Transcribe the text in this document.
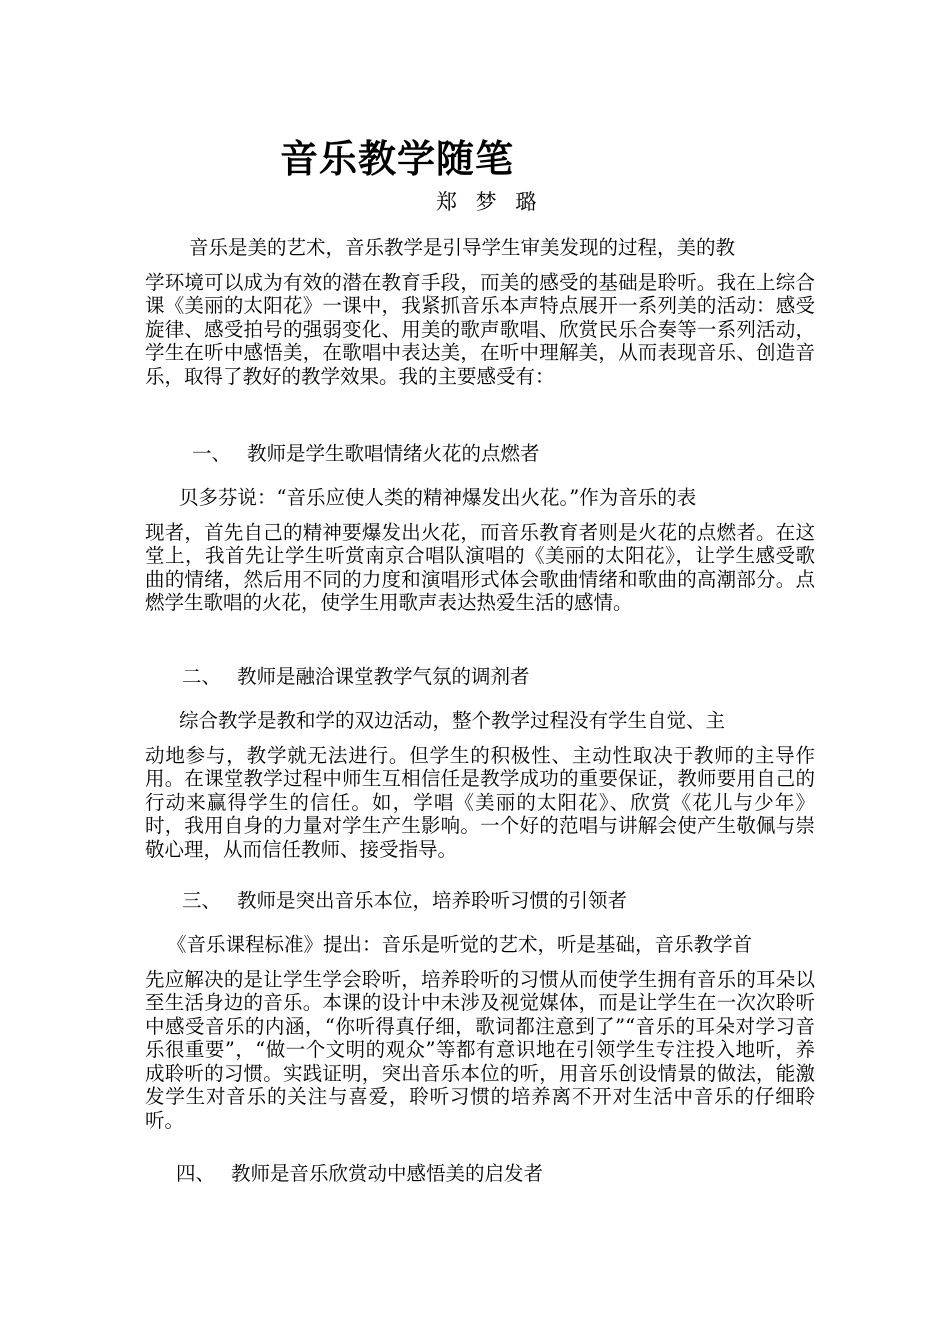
音乐教学随笔
郑 梦 璐

音乐是美的艺术，音乐教学是引导学生审美发现的过程，美的教
学环境可以成为有效的潜在教育手段，而美的感受的基础是聆听。我在上综合课《美丽的太阳花》一课中，我紧抓音乐本声特点展开一系列美的活动：感受旋律、感受拍号的强弱变化、用美的歌声歌唱、欣赏民乐合奏等一系列活动，学生在听中感悟美，在歌唱中表达美，在听中理解美，从而表现音乐、创造音乐，取得了教好的教学效果。我的主要感受有：

一、 教师是学生歌唱情绪火花的点燃者

贝多芬说：“音乐应使人类的精神爆发出火花。”作为音乐的表
现者，首先自己的精神要爆发出火花，而音乐教育者则是火花的点燃者。在这堂上，我首先让学生听赏南京合唱队演唱的《美丽的太阳花》，让学生感受歌曲的情绪，然后用不同的力度和演唱形式体会歌曲情绪和歌曲的高潮部分。点燃学生歌唱的火花，使学生用歌声表达热爱生活的感情。

二、 教师是融洽课堂教学气氛的调剂者

综合教学是教和学的双边活动，整个教学过程没有学生自觉、主
动地参与，教学就无法进行。但学生的积极性、主动性取决于教师的主导作用。在课堂教学过程中师生互相信任是教学成功的重要保证，教师要用自己的行动来赢得学生的信任。如，学唱《美丽的太阳花》、欣赏《花儿与少年》时，我用自身的力量对学生产生影响。一个好的范唱与讲解会使产生敬佩与崇敬心理，从而信任教师、接受指导。

三、 教师是突出音乐本位，培养聆听习惯的引领者

《音乐课程标准》提出：音乐是听觉的艺术，听是基础，音乐教学首
先应解决的是让学生学会聆听，培养聆听的习惯从而使学生拥有音乐的耳朵以至生活身边的音乐。本课的设计中未涉及视觉媒体，而是让学生在一次次聆听中感受音乐的内涵，“你听得真仔细，歌词都注意到了”“音乐的耳朵对学习音乐很重要”，“做一个文明的观众”等都有意识地在引领学生专注投入地听，养成聆听的习惯。实践证明，突出音乐本位的听，用音乐创设情景的做法，能激发学生对音乐的关注与喜爱，聆听习惯的培养离不开对生活中音乐的仔细聆听。

四、 教师是音乐欣赏动中感悟美的启发者
